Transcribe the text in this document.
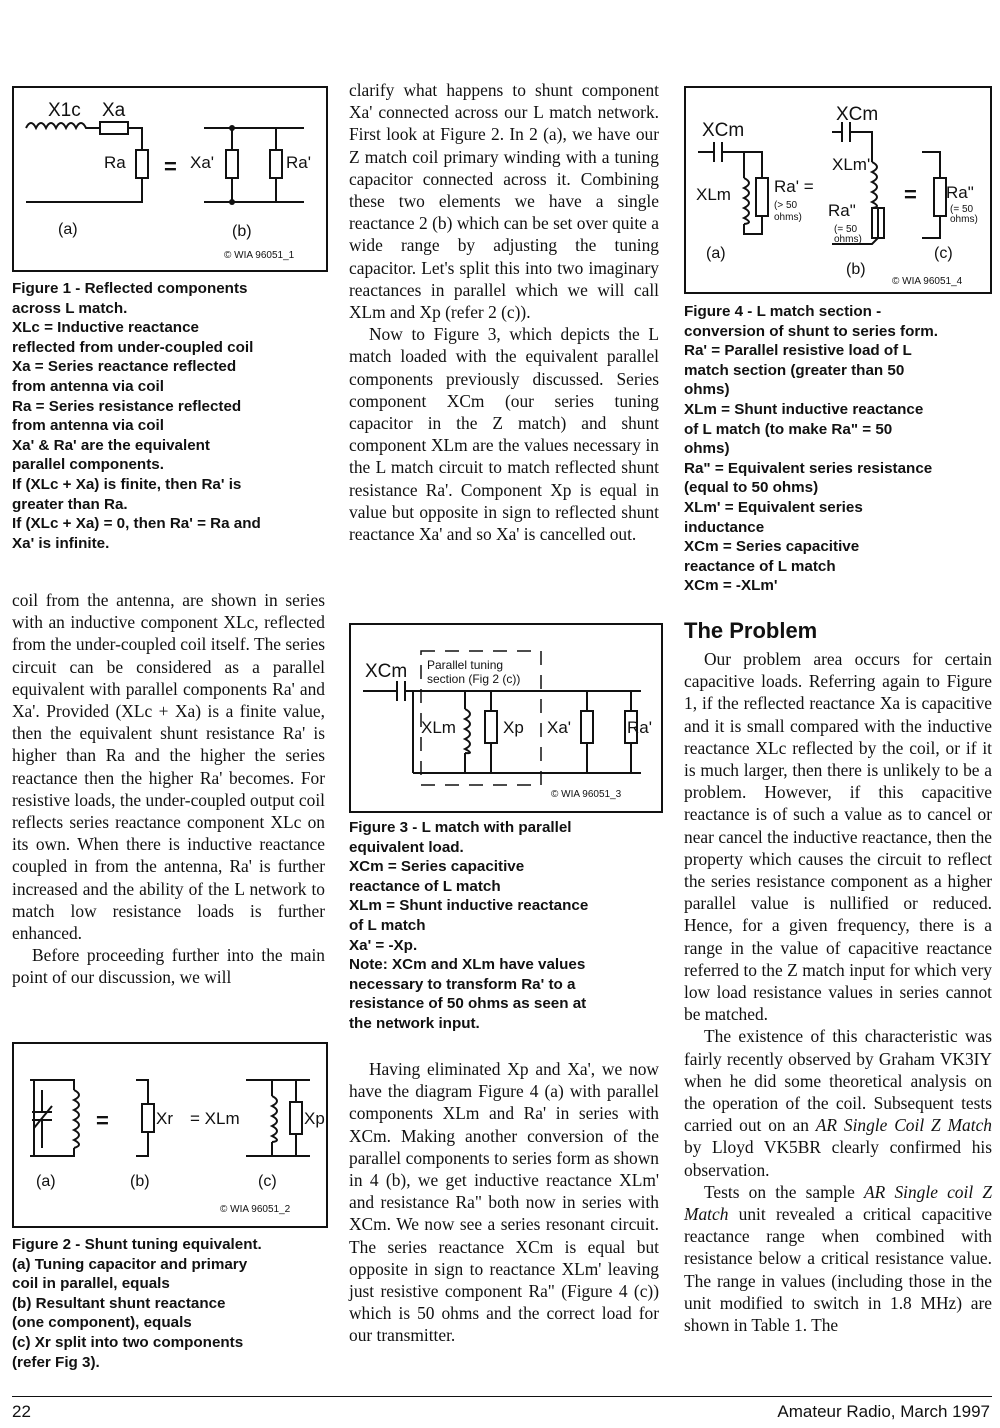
X1c Xa
Ra = Xa'	Ra'
(a)	(b)
© WIA 96051_1
Figure 1 - Reflected components
across L match.
XLc = Inductive reactance
reflected from under-coupled coil
Xa = Series reactance reflected
from antenna via coil
Ra = Series resistance reflected
from antenna via coil
Xa' & Ra' are the equivalent
parallel components.
If (XLc + Xa) is finite, then Ra' is
greater than Ra.
If (XLc + Xa) = 0, then Ra' = Ra and
Xa' is infinite.

coil from the antenna, are shown in series with an inductive component XLc, reflected from the under-coupled coil itself. The series circuit can be considered as a parallel equivalent with parallel components Ra' and Xa'. Provided (XLc + Xa) is a finite value, then the equivalent shunt resistance Ra' is higher than Ra and the higher the series reactance then the higher Ra' becomes. For resistive loads, the under-coupled output coil reflects series reactance component XLc on its own. When there is inductive reactance coupled in from the antenna, Ra' is further increased and the ability of the L network to match low resistance loads is further enhanced.

Before proceeding further into the main point of our discussion, we will

=	Xr = XLm	Xp
(a)	(b)	(c)
© WIA 96051_2
Figure 2 - Shunt tuning equivalent.
(a) Tuning capacitor and primary
coil in parallel, equals
(b) Resultant shunt reactance
(one component), equals
(c) Xr split into two components
(refer Fig 3).

clarify what happens to shunt component Xa' connected across our L match network. First look at Figure 2. In 2 (a), we have our Z match coil primary winding with a tuning capacitor connected across it. Combining these two elements we have a single reactance 2 (b) which can be set over quite a wide range by adjusting the tuning capacitor. Let's split this into two imaginary reactances in parallel which we will call XLm and Xp (refer 2 (c)).

Now to Figure 3, which depicts the L match loaded with the equivalent parallel components previously discussed. Series component XCm (our series tuning capacitor in the Z match) and shunt component XLm are the values necessary in the L match circuit to match reflected shunt resistance Ra'. Component Xp is equal in value but opposite in sign to reflected shunt reactance Xa' and so Xa' is cancelled out.

XCm Parallel tuning
section (Fig 2 (c))
XLm	Xp Xa'	Ra'
© WIA 96051_3
Figure 3 - L match with parallel
equivalent load.
XCm = Series capacitive
reactance of L match
XLm = Shunt inductive reactance
of L match
Xa' = -Xp.
Note: XCm and XLm have values
necessary to transform Ra' to a
resistance of 50 ohms as seen at
the network input.

Having eliminated Xp and Xa', we now have the diagram Figure 4 (a) with parallel components XLm and Ra' in series with XCm. Making another conversion of the parallel components to series form as shown in 4 (b), we get inductive reactance XLm' and resistance Ra" both now in series with XCm. We now see a series resonant circuit. The series reactance XCm is equal but opposite in sign to reactance XLm' leaving just resistive component Ra" (Figure 4 (c)) which is 50 ohms and the correct load for our transmitter.

XCm
XLm	Ra' =
(> 50
ohms)
XCm
XLm'
Ra"
(= 50
ohms)
= Ra"
(= 50
ohms)
(a)
(b)
(c)
© WIA 96051_4
Figure 4 - L match section -
conversion of shunt to series form.
Ra' = Parallel resistive load of L
match section (greater than 50
ohms)
XLm = Shunt inductive reactance
of L match (to make Ra" = 50
ohms)
Ra" = Equivalent series resistance
(equal to 50 ohms)
XLm' = Equivalent series
inductance
XCm = Series capacitive
reactance of L match
XCm = -XLm'
The Problem

Our problem area occurs for certain capacitive loads. Referring again to Figure 1, if the reflected reactance Xa is capacitive and it is small compared with the inductive reactance XLc reflected by the coil, or if it is much larger, then there is unlikely to be a problem. However, if this capacitive reactance is of such a value as to cancel or near cancel the inductive reactance, then the property which causes the circuit to reflect the series resistance component as a higher parallel value is nullified or reduced. Hence, for a given frequency, there is a range in the value of capacitive reactance referred to the Z match input for which very low load resistance values in series cannot be matched.

The existence of this characteristic was fairly recently observed by Graham VK3IY when he did some theoretical analysis on the operation of the coil. Subsequent tests carried out on an AR Single Coil Z Match by Lloyd VK5BR clearly confirmed his observation.

Tests on the sample AR Single coil Z Match unit revealed a critical capacitive reactance range when combined with resistance below a critical resistance value. The range in values (including those in the unit modified to switch in 1.8 MHz) are shown in Table 1. The

22	Amateur Radio, March 1997
